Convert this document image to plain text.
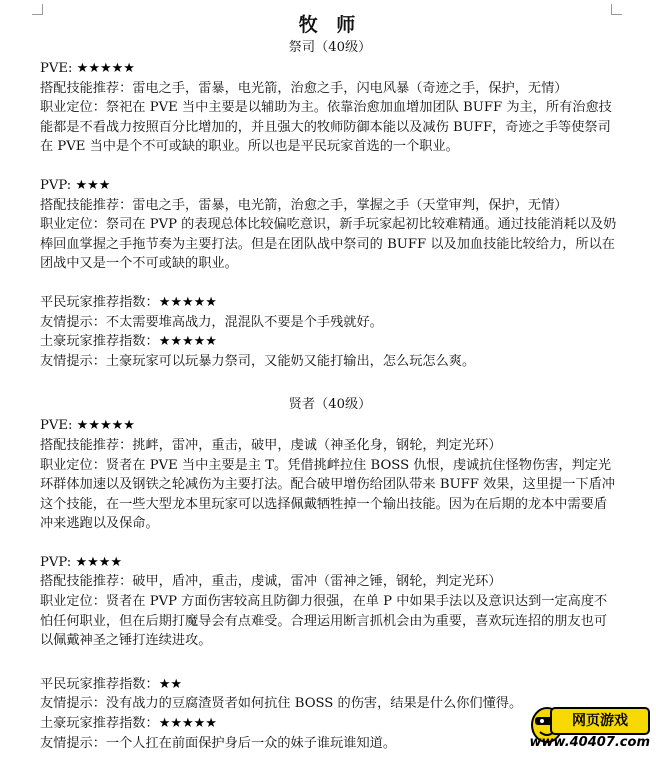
牧 师
祭司（40级）
PVE: ★★★★★
搭配技能推荐：雷电之手，雷暴，电光箭，治愈之手，闪电风暴（奇迹之手，保护，无情）
职业定位：祭祀在 PVE 当中主要是以辅助为主。依靠治愈加血增加团队 BUFF 为主，所有治愈技能都是不看战力按照百分比增加的，并且强大的牧师防御本能以及减伤 BUFF，奇迹之手等使祭司在 PVE 当中是个不可或缺的职业。所以也是平民玩家首选的一个职业。
PVP: ★★★
搭配技能推荐：雷电之手，雷暴，电光箭，治愈之手，掌握之手（天堂审判，保护，无情）
职业定位：祭司在 PVP 的表现总体比较偏吃意识，新手玩家起初比较难精通。通过技能消耗以及奶棒回血掌握之手拖节奏为主要打法。但是在团队战中祭司的 BUFF 以及加血技能比较给力，所以在团战中又是一个不可或缺的职业。
平民玩家推荐指数：★★★★★
友情提示：不太需要堆高战力，混混队不要是个手残就好。
土豪玩家推荐指数：★★★★★
友情提示：土豪玩家可以玩暴力祭司，又能奶又能打输出，怎么玩怎么爽。
贤者（40级）
PVE: ★★★★★
搭配技能推荐：挑衅，雷冲，重击，破甲，虔诚（神圣化身，钢轮，判定光环）
职业定位：贤者在 PVE 当中主要是主 T。凭借挑衅拉住 BOSS 仇恨，虔诚抗住怪物伤害，判定光环群体加速以及钢铁之轮减伤为主要打法。配合破甲增伤给团队带来 BUFF 效果，这里提一下盾冲这个技能，在一些大型龙本里玩家可以选择佩戴牺牲掉一个输出技能。因为在后期的龙本中需要盾冲来逃跑以及保命。
PVP: ★★★★
搭配技能推荐：破甲，盾冲，重击，虔诚，雷冲（雷神之锤，钢轮，判定光环）
职业定位：贤者在 PVP 方面伤害较高且防御力很强，在单 P 中如果手法以及意识达到一定高度不怕任何职业，但在后期打魔导会有点难受。合理运用断言抓机会由为重要，喜欢玩连招的朋友也可以佩戴神圣之锤打连续进攻。
平民玩家推荐指数：★★
友情提示：没有战力的豆腐渣贤者如何抗住 BOSS 的伤害，结果是什么你们懂得。
土豪玩家推荐指数：★★★★★
友情提示：一个人扛在前面保护身后一众的妹子谁玩谁知道。
网页游戏
www.40407.com
